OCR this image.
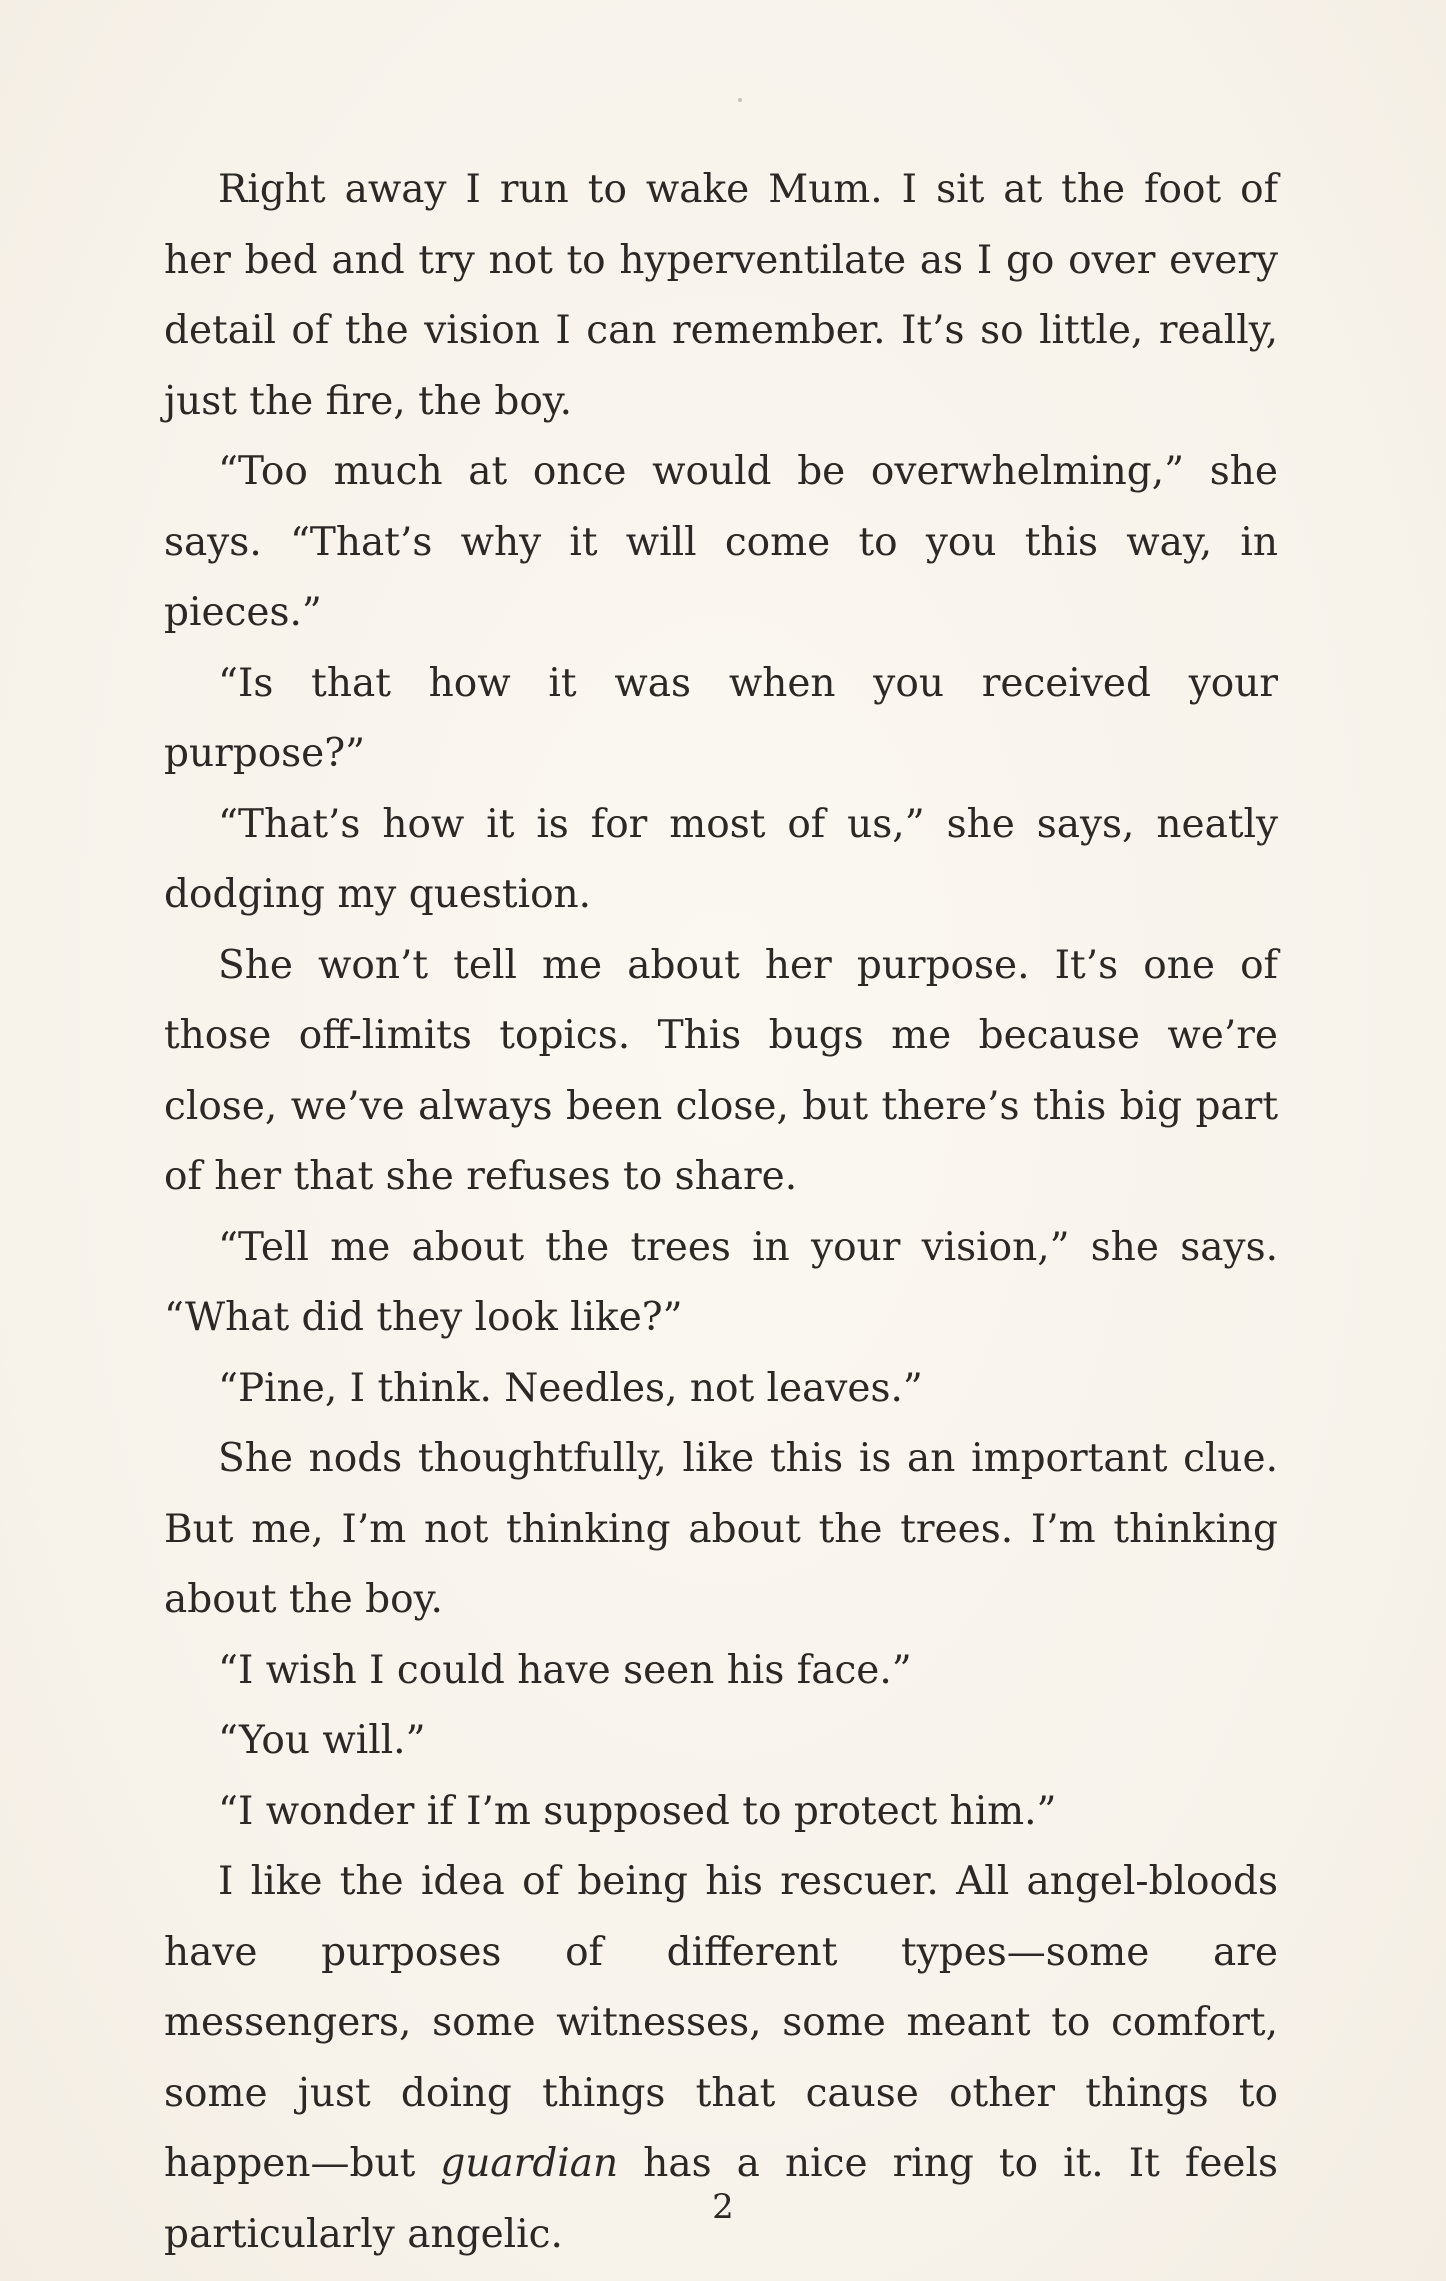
Right away I run to wake Mum. I sit at the foot of her bed and try not to hyperventilate as I go over every detail of the vision I can remember. It’s so little, really, just the fire, the boy.

“Too much at once would be overwhelming,” she says. “That’s why it will come to you this way, in pieces.”

“Is that how it was when you received your purpose?”

“That’s how it is for most of us,” she says, neatly dodging my question.

She won’t tell me about her purpose. It’s one of those off-limits topics. This bugs me because we’re close, we’ve always been close, but there’s this big part of her that she refuses to share.

“Tell me about the trees in your vision,” she says. “What did they look like?”

“Pine, I think. Needles, not leaves.”

She nods thoughtfully, like this is an important clue. But me, I’m not thinking about the trees. I’m thinking about the boy.

“I wish I could have seen his face.”

“You will.”

“I wonder if I’m supposed to protect him.”

I like the idea of being his rescuer. All angel-bloods have purposes of different types—some are messengers, some witnesses, some meant to comfort, some just doing things that cause other things to happen—but guardian has a nice ring to it. It feels particularly angelic.

2
